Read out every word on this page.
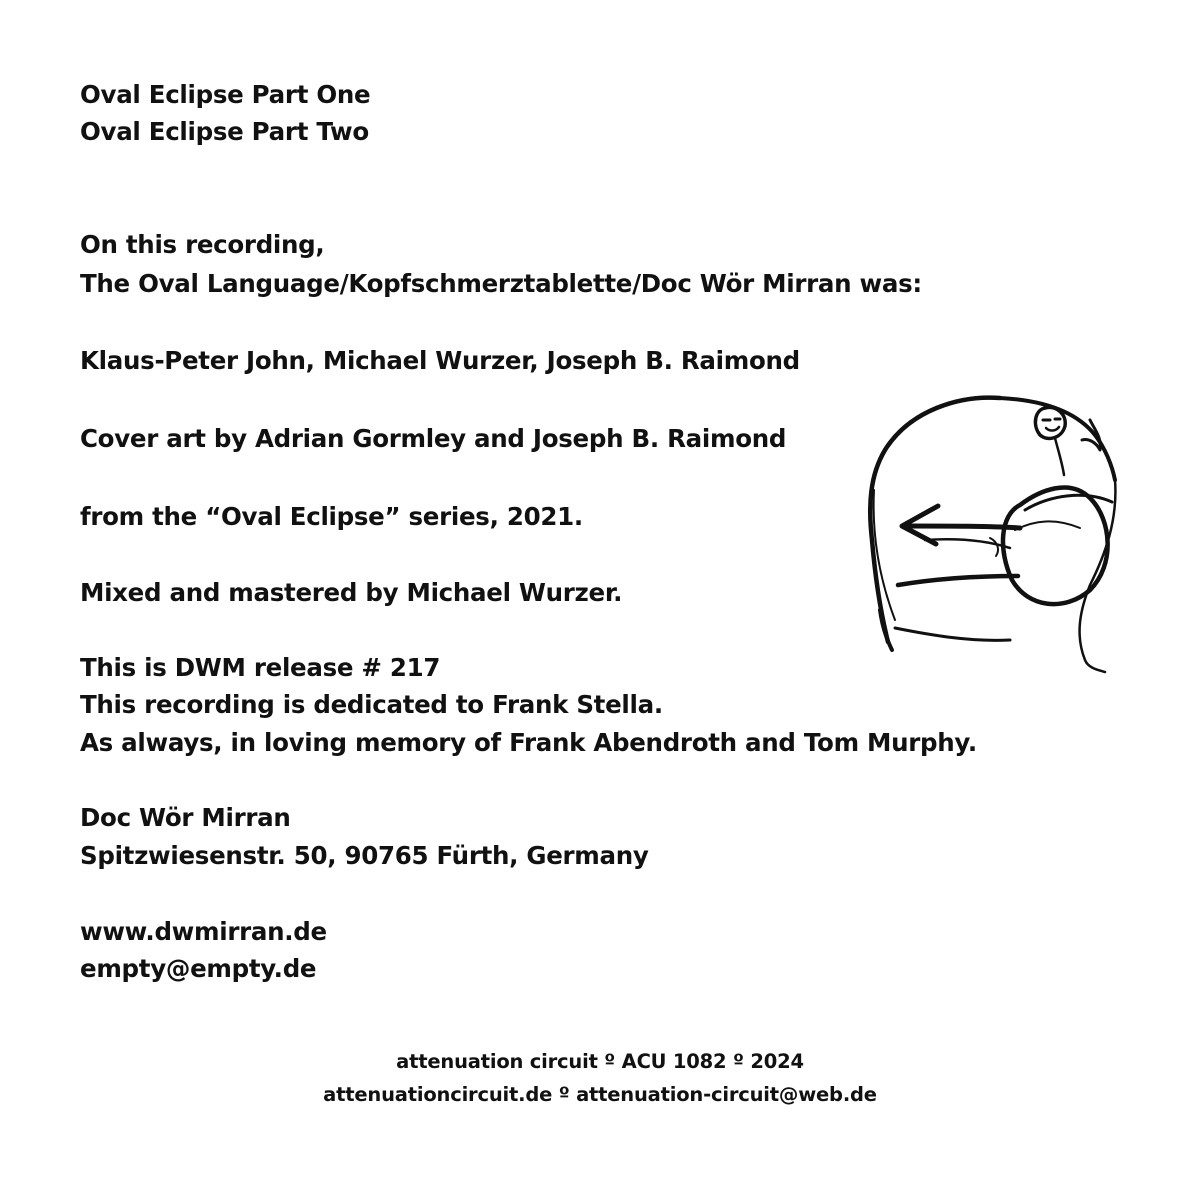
Oval Eclipse Part One
Oval Eclipse Part Two
On this recording,
The Oval Language/Kopfschmerztablette/Doc Wör Mirran was:
Klaus-Peter John, Michael Wurzer, Joseph B. Raimond
Cover art by Adrian Gormley and Joseph B. Raimond
from the “Oval Eclipse” series, 2021.
Mixed and mastered by Michael Wurzer.
This is DWM release # 217
This recording is dedicated to Frank Stella.
As always, in loving memory of Frank Abendroth and Tom Murphy.
Doc Wör Mirran
Spitzwiesenstr. 50, 90765 Fürth, Germany
www.dwmirran.de
empty@empty.de
attenuation circuit º ACU 1082 º 2024
attenuationcircuit.de º attenuation-circuit@web.de
